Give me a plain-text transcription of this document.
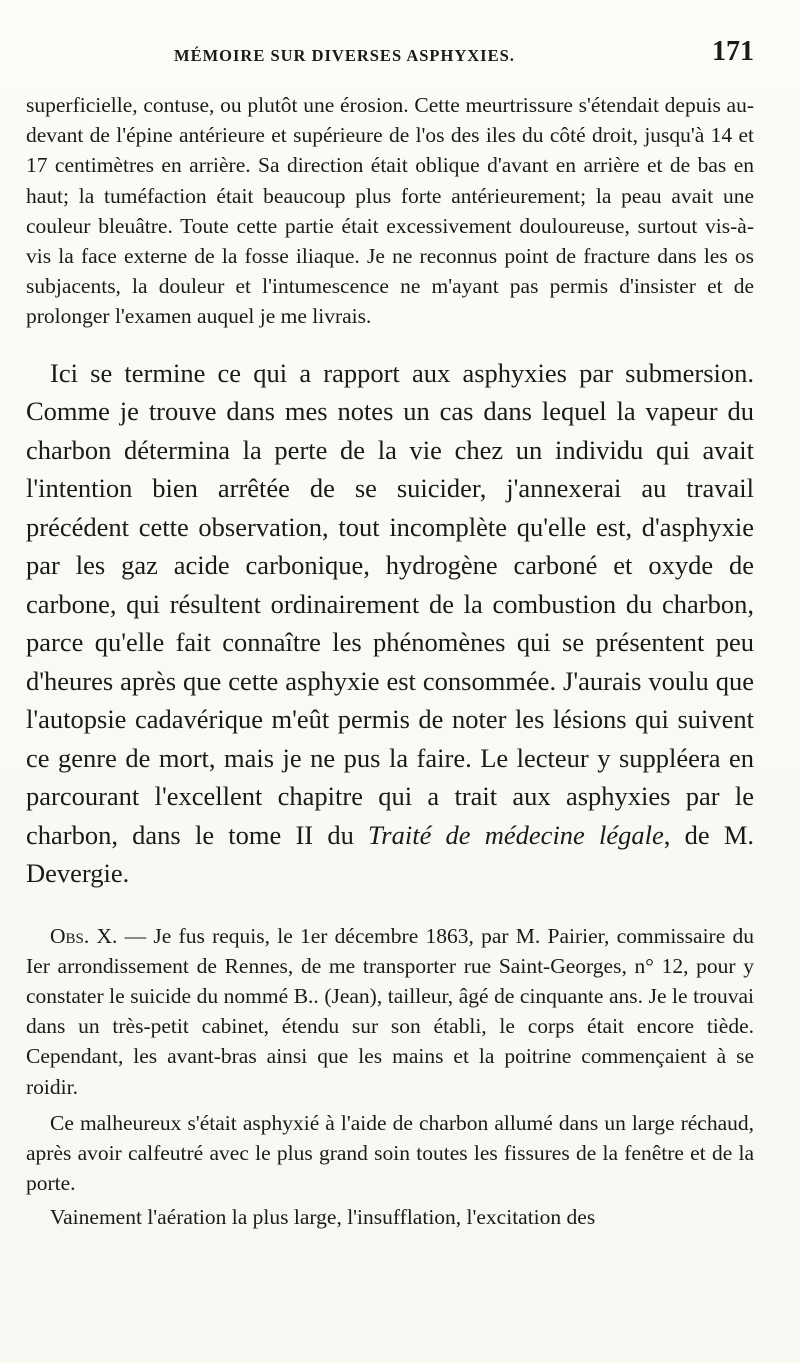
MÉMOIRE SUR DIVERSES ASPHYXIES.	171

superficielle, contuse, ou plutôt une érosion. Cette meurtrissure s'étendait depuis au-devant de l'épine antérieure et supérieure de l'os des iles du côté droit, jusqu'à 14 et 17 centimètres en arrière. Sa direction était oblique d'avant en arrière et de bas en haut; la tuméfaction était beaucoup plus forte antérieurement; la peau avait une couleur bleuâtre. Toute cette partie était excessivement douloureuse, surtout vis-à-vis la face externe de la fosse iliaque. Je ne reconnus point de fracture dans les os subjacents, la douleur et l'intumescence ne m'ayant pas permis d'insister et de prolonger l'examen auquel je me livrais.

Ici se termine ce qui a rapport aux asphyxies par submersion. Comme je trouve dans mes notes un cas dans lequel la vapeur du charbon détermina la perte de la vie chez un individu qui avait l'intention bien arrêtée de se suicider, j'annexerai au travail précédent cette observation, tout incomplète qu'elle est, d'asphyxie par les gaz acide carbonique, hydrogène carboné et oxyde de carbone, qui résultent ordinairement de la combustion du charbon, parce qu'elle fait connaître les phénomènes qui se présentent peu d'heures après que cette asphyxie est consommée. J'aurais voulu que l'autopsie cadavérique m'eût permis de noter les lésions qui suivent ce genre de mort, mais je ne pus la faire. Le lecteur y suppléera en parcourant l'excellent chapitre qui a trait aux asphyxies par le charbon, dans le tome II du Traité de médecine légale, de M. Devergie.

Obs. X. — Je fus requis, le 1er décembre 1863, par M. Pairier, commissaire du Ier arrondissement de Rennes, de me transporter rue Saint-Georges, n° 12, pour y constater le suicide du nommé B.. (Jean), tailleur, âgé de cinquante ans. Je le trouvai dans un très-petit cabinet, étendu sur son établi, le corps était encore tiède. Cependant, les avant-bras ainsi que les mains et la poitrine commençaient à se roidir.

Ce malheureux s'était asphyxié à l'aide de charbon allumé dans un large réchaud, après avoir calfeutré avec le plus grand soin toutes les fissures de la fenêtre et de la porte.

Vainement l'aération la plus large, l'insufflation, l'excitation des
